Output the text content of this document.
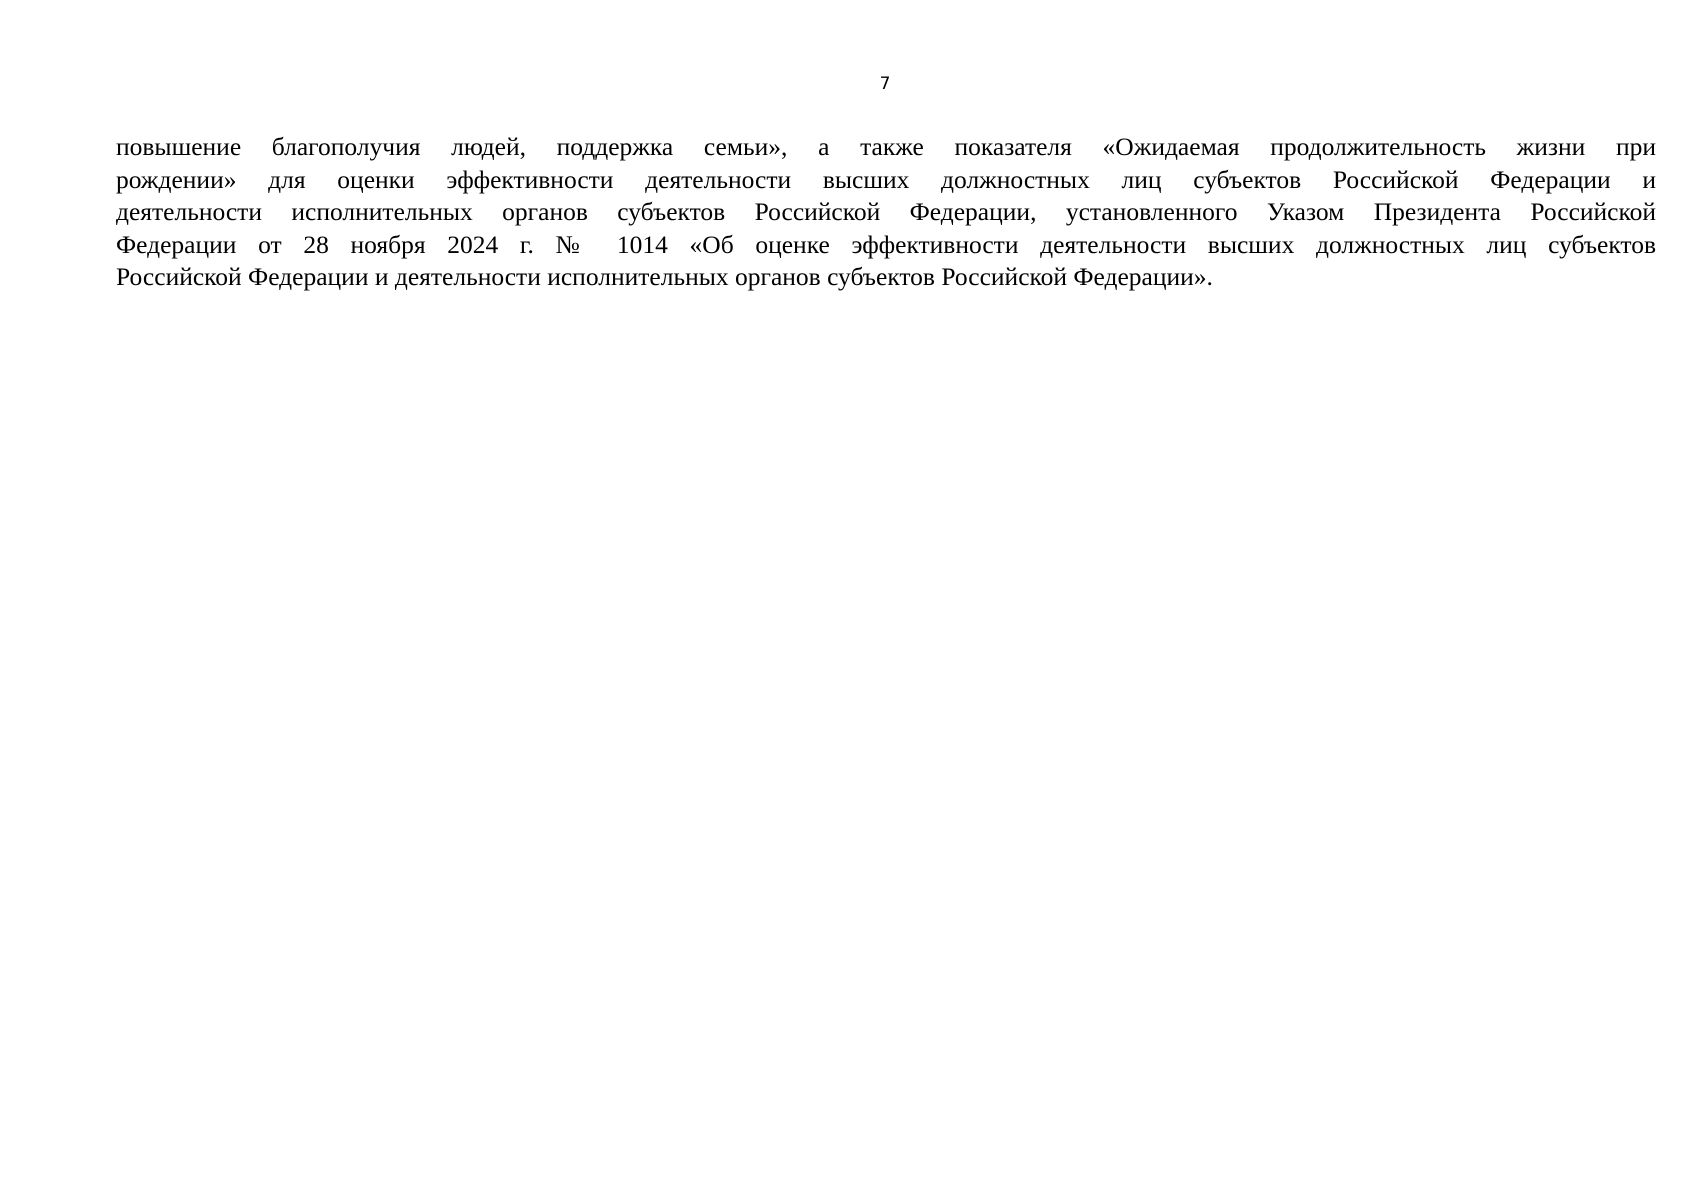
7

повышение благополучия людей, поддержка семьи», а также показателя «Ожидаемая продолжительность жизни при
рождении» для оценки эффективности деятельности высших должностных лиц субъектов Российской Федерации и
деятельности исполнительных органов субъектов Российской Федерации, установленного Указом Президента Российской
Федерации от 28 ноября 2024 г. № 1014 «Об оценке эффективности деятельности высших должностных лиц субъектов
Российской Федерации и деятельности исполнительных органов субъектов Российской Федерации».
